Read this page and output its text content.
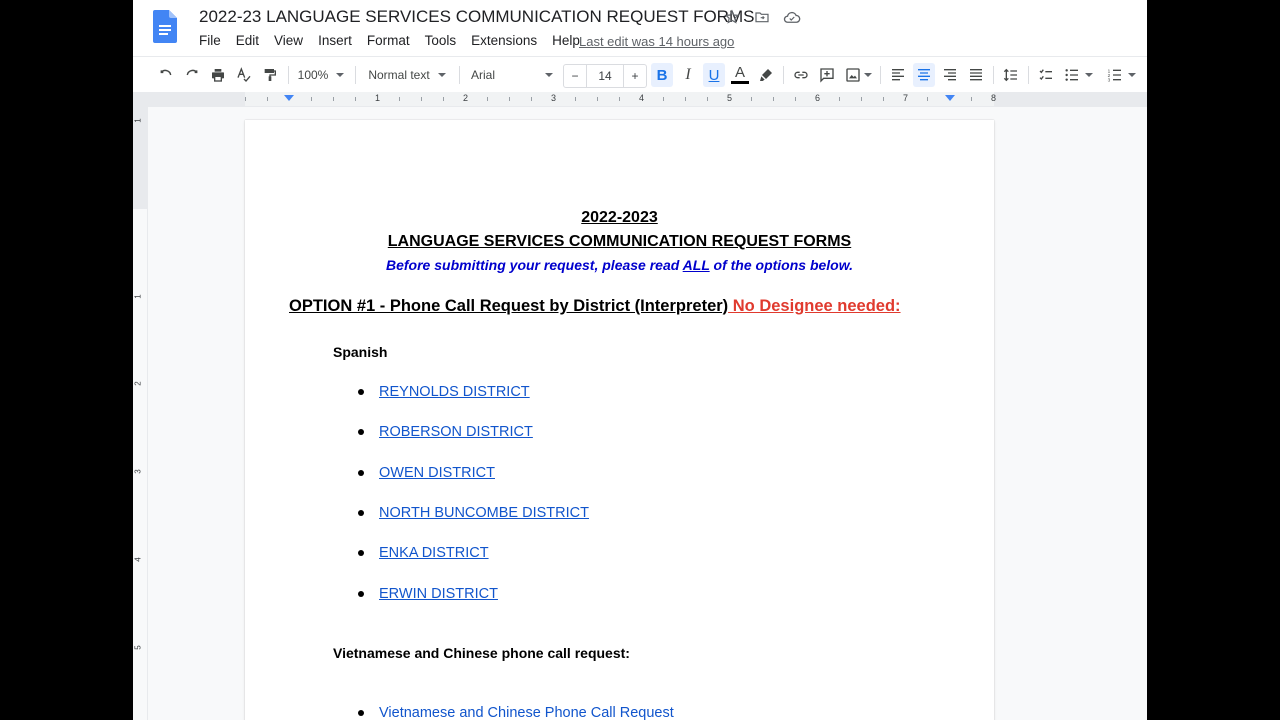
2022-23 LANGUAGE SERVICES COMMUNICATION REQUEST FORMS
File Edit View Insert Format Tools Extensions Help Last edit was 14 hours ago
100%	Normal text	Arial	−	14	+	B	I	U	A	1
2
3
1	2	3	4	5	6	7	8
1
1
2
3
4
5
2022-2023
LANGUAGE SERVICES COMMUNICATION REQUEST FORMS
Before submitting your request, please read ALL of the options below.
OPTION #1 - Phone Call Request by District (Interpreter) No Designee needed:
Spanish
REYNOLDS DISTRICT
ROBERSON DISTRICT
OWEN DISTRICT
NORTH BUNCOMBE DISTRICT
ENKA DISTRICT
ERWIN DISTRICT
Vietnamese and Chinese phone call request:
Vietnamese and Chinese Phone Call Request
